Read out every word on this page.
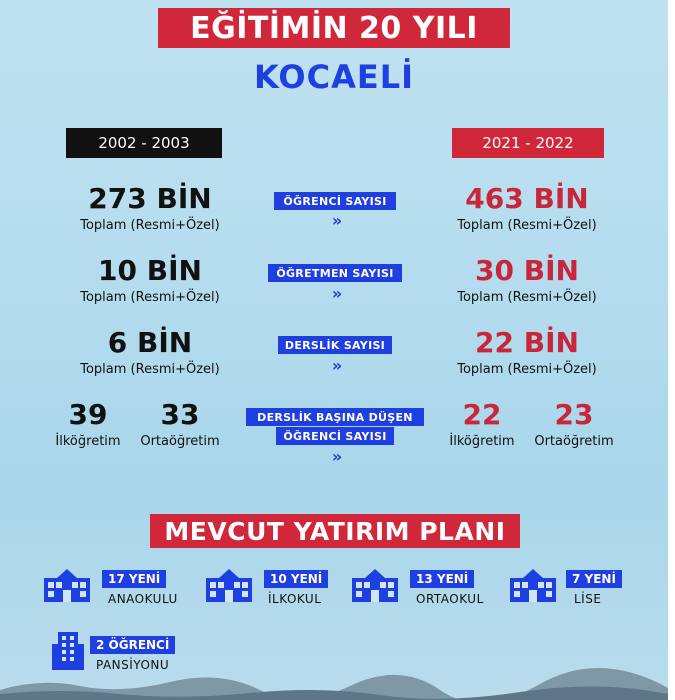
EĞİTİMİN 20 YILI
KOCAELİ
2002 - 2003	2021 - 2022
273 BİN
Toplam (Resmi+Özel)
ÖĞRENCİ SAYISI
»
463 BİN
Toplam (Resmi+Özel)
10 BİN
Toplam (Resmi+Özel)
ÖĞRETMEN SAYISI
»
30 BİN
Toplam (Resmi+Özel)
6 BİN
Toplam (Resmi+Özel)
DERSLİK SAYISI
»
22 BİN
Toplam (Resmi+Özel)
39
İlköğretim
33
Ortaöğretim
DERSLİK BAŞINA DÜŞEN
ÖĞRENCİ SAYISI
»
22
İlköğretim
23
Ortaöğretim
MEVCUT YATIRIM PLANI
17 YENİ
ANAOKULU
10 YENİ
İLKOKUL
13 YENİ
ORTAOKUL
7 YENİ
LİSE
2 ÖĞRENCİ
PANSİYONU
